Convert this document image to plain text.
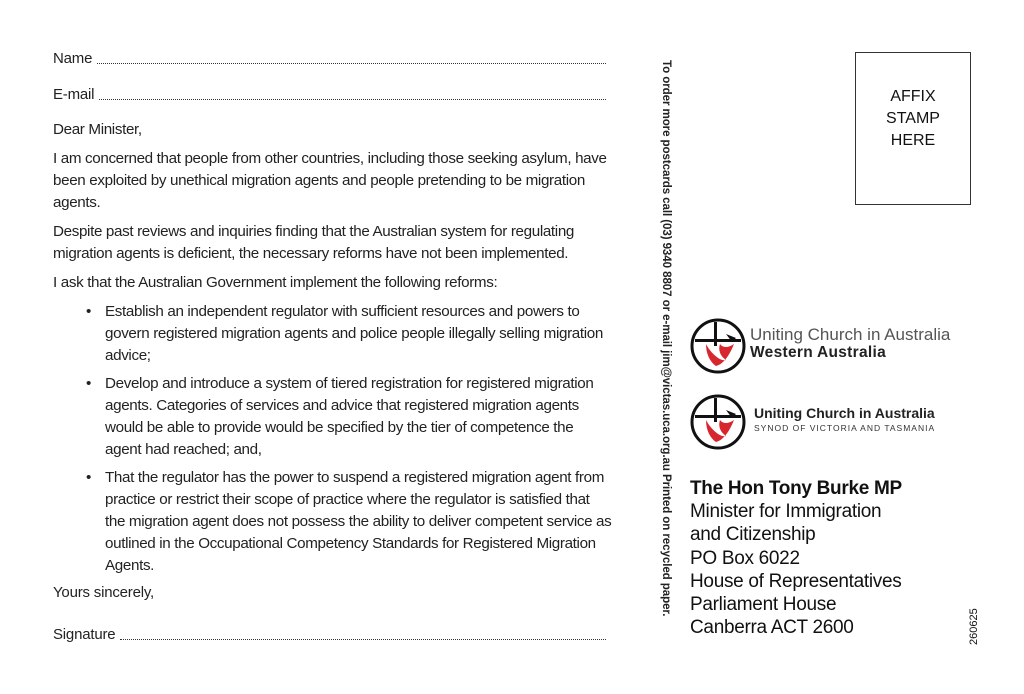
Name
E-mail

Dear Minister,

I am concerned that people from other countries, including those seeking asylum, have been exploited by unethical migration agents and people pretending to be migration agents.

Despite past reviews and inquiries finding that the Australian system for regulating migration agents is deficient, the necessary reforms have not been implemented.

I ask that the Australian Government implement the following reforms:

• Establish an independent regulator with sufficient resources and powers to govern registered migration agents and police people illegally selling migration advice;
• Develop and introduce a system of tiered registration for registered migration agents. Categories of services and advice that registered migration agents would be able to provide would be specified by the tier of competence the agent had reached; and,
• That the regulator has the power to suspend a registered migration agent from practice or restrict their scope of practice where the regulator is satisfied that the migration agent does not possess the ability to deliver competent service as outlined in the Occupational Competency Standards for Registered Migration Agents.
Yours sincerely,
Signature
To order more postcards call (03) 9340 8807 or e-mail jim@victas.uca.org.au Printed on recycled paper.	AFFIX
STAMP
HERE
Uniting Church in Australia
Western Australia
Uniting Church in Australia
SYNOD OF VICTORIA AND TASMANIA
The Hon Tony Burke MP
Minister for Immigration
and Citizenship
PO Box 6022
House of Representatives
Parliament House
Canberra ACT 2600	260625
